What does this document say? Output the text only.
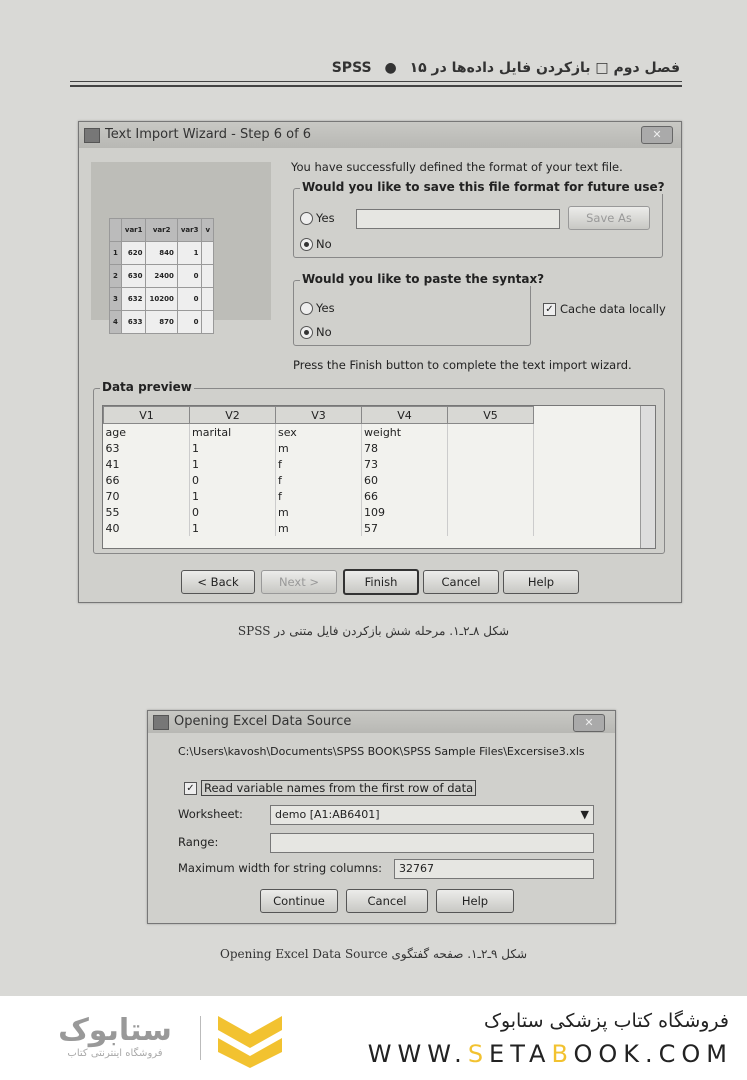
فصل دوم □ بازکردن فایل داده‌ها در SPSS ● ۱۵
Text Import Wizard - Step 6 of 6	✕
	var1	var2	var3	v
1	620	840	1	
2	630	2400	0	
3	632	10200	0	
4	633	870	0	
You have successfully defined the format of your text file.
Would you like to save this file format for future use?
Yes	Save As
No
Would you like to paste the syntax?
Yes
No
✓ Cache data locally
Press the Finish button to complete the text import wizard.
Data preview
V1	V2	V3	V4	V5
age	marital	sex	weight	
63	1	m	78	
41	1	f	73	
66	0	f	60	
70	1	f	66	
55	0	m	109	
40	1	m	57	
< Back	Next >	Finish	Cancel	Help
شکل ۸ـ۲ـ۱. مرحله شش بازکردن فایل متنی در SPSS
Opening Excel Data Source	✕
C:\Users\kavosh\Documents\SPSS BOOK\SPSS Sample Files\Excersise3.xls
✓ Read variable names from the first row of data
Worksheet:	demo [A1:AB6401]	▼
Range:
Maximum width for string columns:	32767
Continue	Cancel	Help
شکل ۹ـ۲ـ۱. صفحه گفتگوی Opening Excel Data Source
ستابوک
فروشگاه اینترنتی کتاب
فروشگاه کتاب پزشکی ستابوک
WWW.SETABOOK.COM
